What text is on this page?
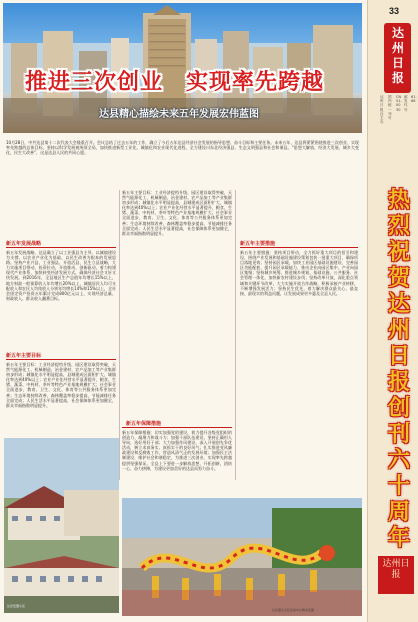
推进三次创业　实现率先跨越
达县精心描绘未来五年发展宏伟蓝图
10月28日，中共达县第十二次代表大会隆重召开。会议总结了过去五年的工作，确立了今后五年达县经济社会发展的指导思想、奋斗目标和主要任务。未来五年，达县将紧紧围绕推进三次创业、实现率先跨越的总体目标，坚持以科学发展观统领全局，加快推进新型工业化、城镇化和农业现代化进程，全力建设川东北经济强县、生态文明强县和社会和谐县。“思想大解放、经济大发展、城乡大变化、民生大改善”，这是达县人民的共同心愿。
新五年发展战略
新五年发展战略，达县确立了以工业强县为主导、以城镇建设为支撑、以农业产业化为基础、以民生改善为根本的发展思路。坚持产业兴县、工业强县、开放活县、民生立县战略，大力实施项目带动、投资拉动、开放推动、创新驱动，着力构建现代产业体系，加快转变经济发展方式，确保经济社会又好又快发展。到2016年，全县地区生产总值年均增长15%以上，地方财政一般预算收入年均增长20%以上，城镇居民人均可支配收入和农民人均纯收入分别年均增长14%和15%以上，全社会固定资产投资五年累计完成800亿元以上，实现经济总量、财政收入、群众收入翻番目标。
新五年主要目标：工业经济提档升级，园区建设取得突破，天然气能源化工、机械制造、冶金建材、农产品加工等产业集群初步形成；城镇化水平明显提高，县城建成区面积扩大，城镇化率达到40%以上；农业产业化经营水平显著提升，粮食、生猪、蔬菜、中药材、茶叶等特色产业基地规模扩大；社会事业全面进步，教育、卫生、文化、体育等公共服务体系更加完善；生态环境持续改善，森林覆盖率稳步提高，节能减排任务全面完成；人民生活水平显著提高，社会保障体系更加健全，群众幸福指数明显提升。
新五年主要措施
新五年主要措施：坚持项目带动，全力抓好重大项目的招引和建设，围绕产业发展和基础设施建设策划包装一批重大项目，确保项目落地见效；坚持园区承载，加快工业园区基础设施建设，完善园区功能配套，提升园区承载能力，推动企业向园区集中、产业向园区集聚；坚持城乡统筹，推进城乡规划、基础设施、公共服务、社会管理一体化，加快新农村建设步伐；坚持改革开放，深化重点领域和关键环节改革，大力实施开放合作战略，积极承接产业转移，不断增强发展活力；坚持民生优先，着力解决群众最关心、最直接、最现实的利益问题，让发展成果更多惠及全县人民。
新五年保障措施
新五年保障措施：切实加强党的建设，着力提升各级党组织的创造力、凝聚力和战斗力；加强干部队伍建设，坚持正确用人导向，选好用好干部；大力加强作风建设，深入开展创先争优活动，树立求真务实、真抓实干的良好风气；扎实推进党风廉政建设和反腐败工作，营造风清气正的发展环境；加强民主法制建设，维护社会和谐稳定，为推进三次创业、实现率先跨越提供坚强保证。全县上下要进一步解放思想、开拓创新，团结一心、奋力拼搏，为建设更加美好的达县而努力奋斗。
新五年主要目标
新五年主要目标：工业经济提档升级，园区建设取得突破，天然气能源化工、机械制造、冶金建材、农产品加工等产业集群初步形成；城镇化水平明显提高，县城建成区面积扩大，城镇化率达到40%以上；农业产业化经营水平显著提升，粮食、生猪、蔬菜、中药材、茶叶等特色产业基地规模扩大；社会事业全面进步，教育、卫生、文化、体育等公共服务体系更加完善；生态环境持续改善，森林覆盖率稳步提高，节能减排任务全面完成；人民生活水平显著提高，社会保障体系更加健全，群众幸福指数明显提升。
达县安置小区
达县嘉元文化活动中心舞龙表演
33
达州日报
达州日报社主办
国内统一刊号
CN51-0030
邮发代号
61-68
热烈祝贺达州日报创刊六十周年
达州日报
